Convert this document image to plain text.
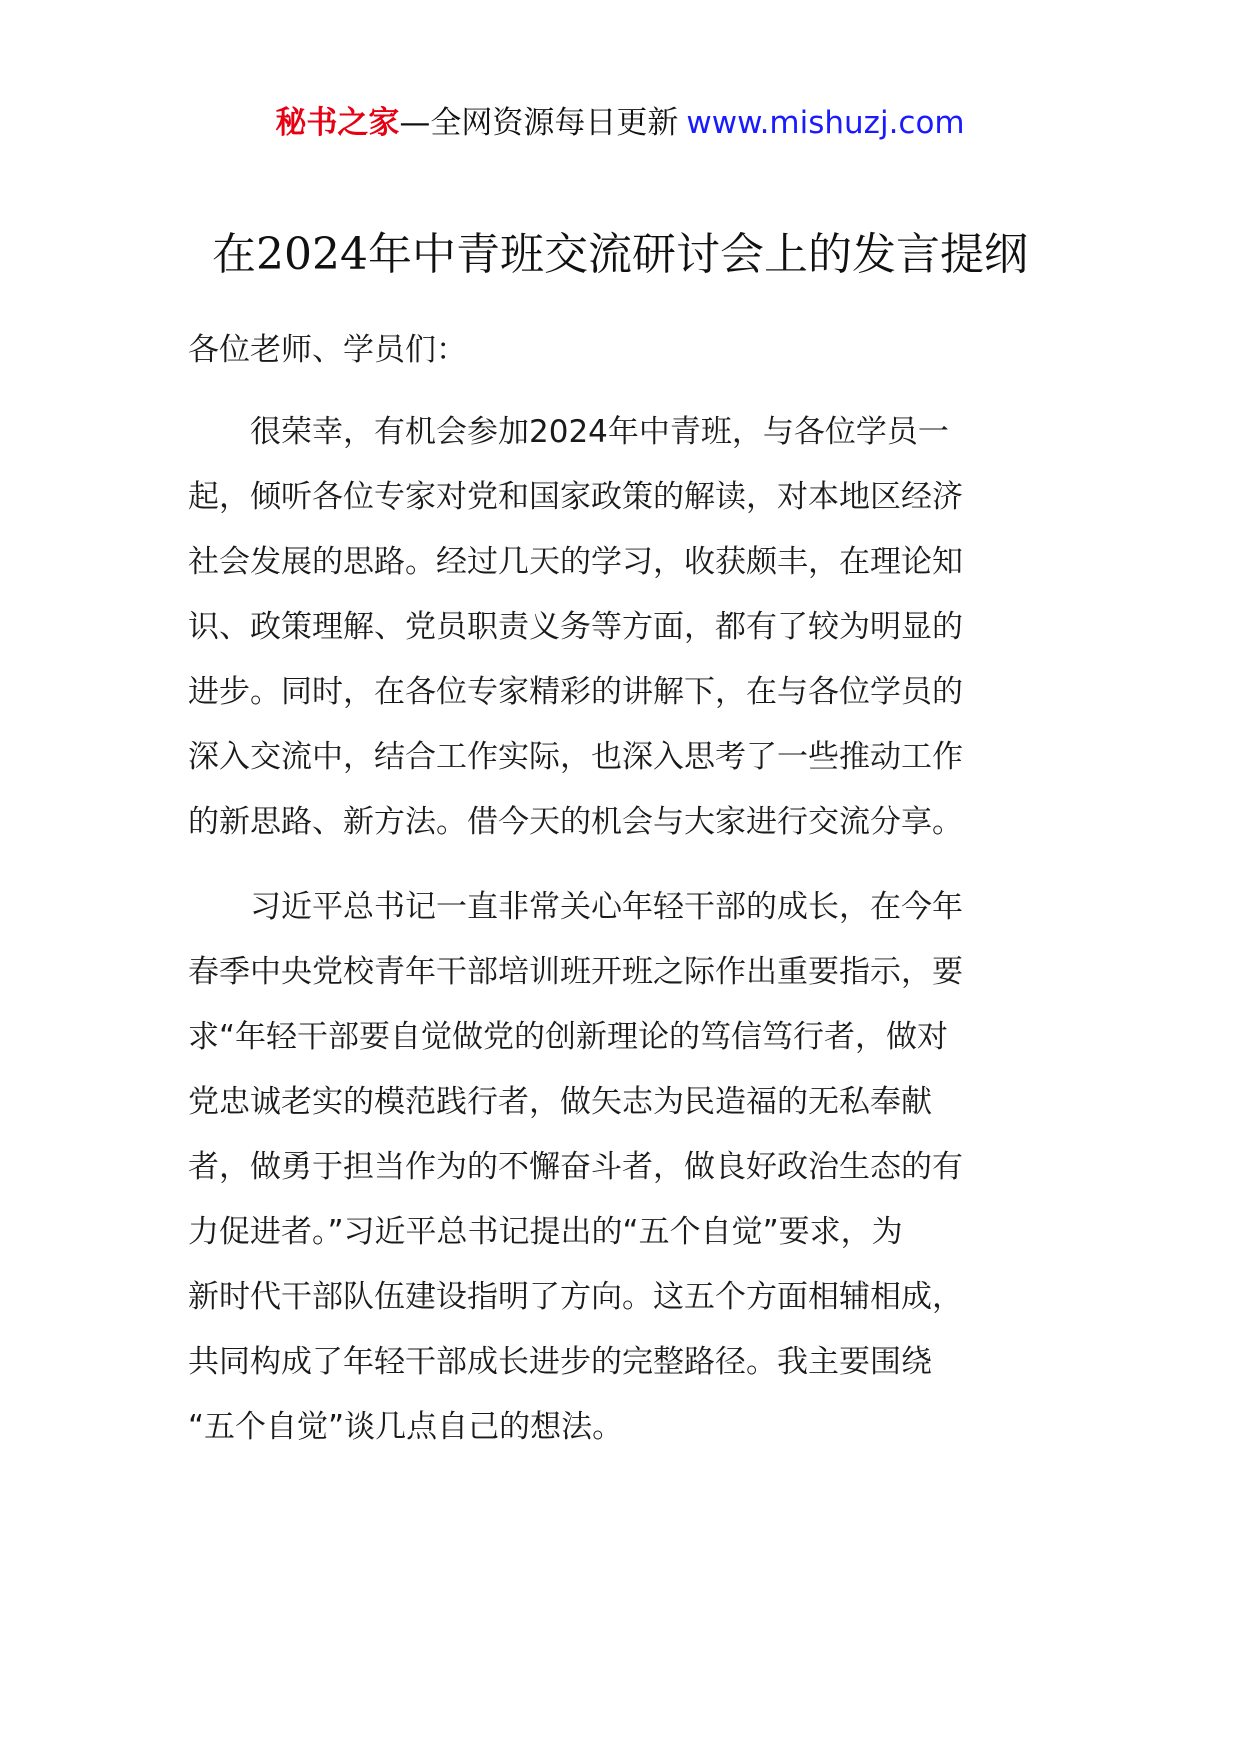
秘书之家—全网资源每日更新 www.mishuzj.com
在2024年中青班交流研讨会上的发言提纲

各位老师、学员们：

很荣幸，有机会参加2024年中青班，与各位学员一
起，倾听各位专家对党和国家政策的解读，对本地区经济
社会发展的思路。经过几天的学习，收获颇丰，在理论知
识、政策理解、党员职责义务等方面，都有了较为明显的
进步。同时，在各位专家精彩的讲解下，在与各位学员的
深入交流中，结合工作实际，也深入思考了一些推动工作
的新思路、新方法。借今天的机会与大家进行交流分享。

习近平总书记一直非常关心年轻干部的成长，在今年
春季中央党校青年干部培训班开班之际作出重要指示，要
求“年轻干部要自觉做党的创新理论的笃信笃行者，做对
党忠诚老实的模范践行者，做矢志为民造福的无私奉献
者，做勇于担当作为的不懈奋斗者，做良好政治生态的有
力促进者。”习近平总书记提出的“五个自觉”要求，为
新时代干部队伍建设指明了方向。这五个方面相辅相成，
共同构成了年轻干部成长进步的完整路径。我主要围绕
“五个自觉”谈几点自己的想法。
